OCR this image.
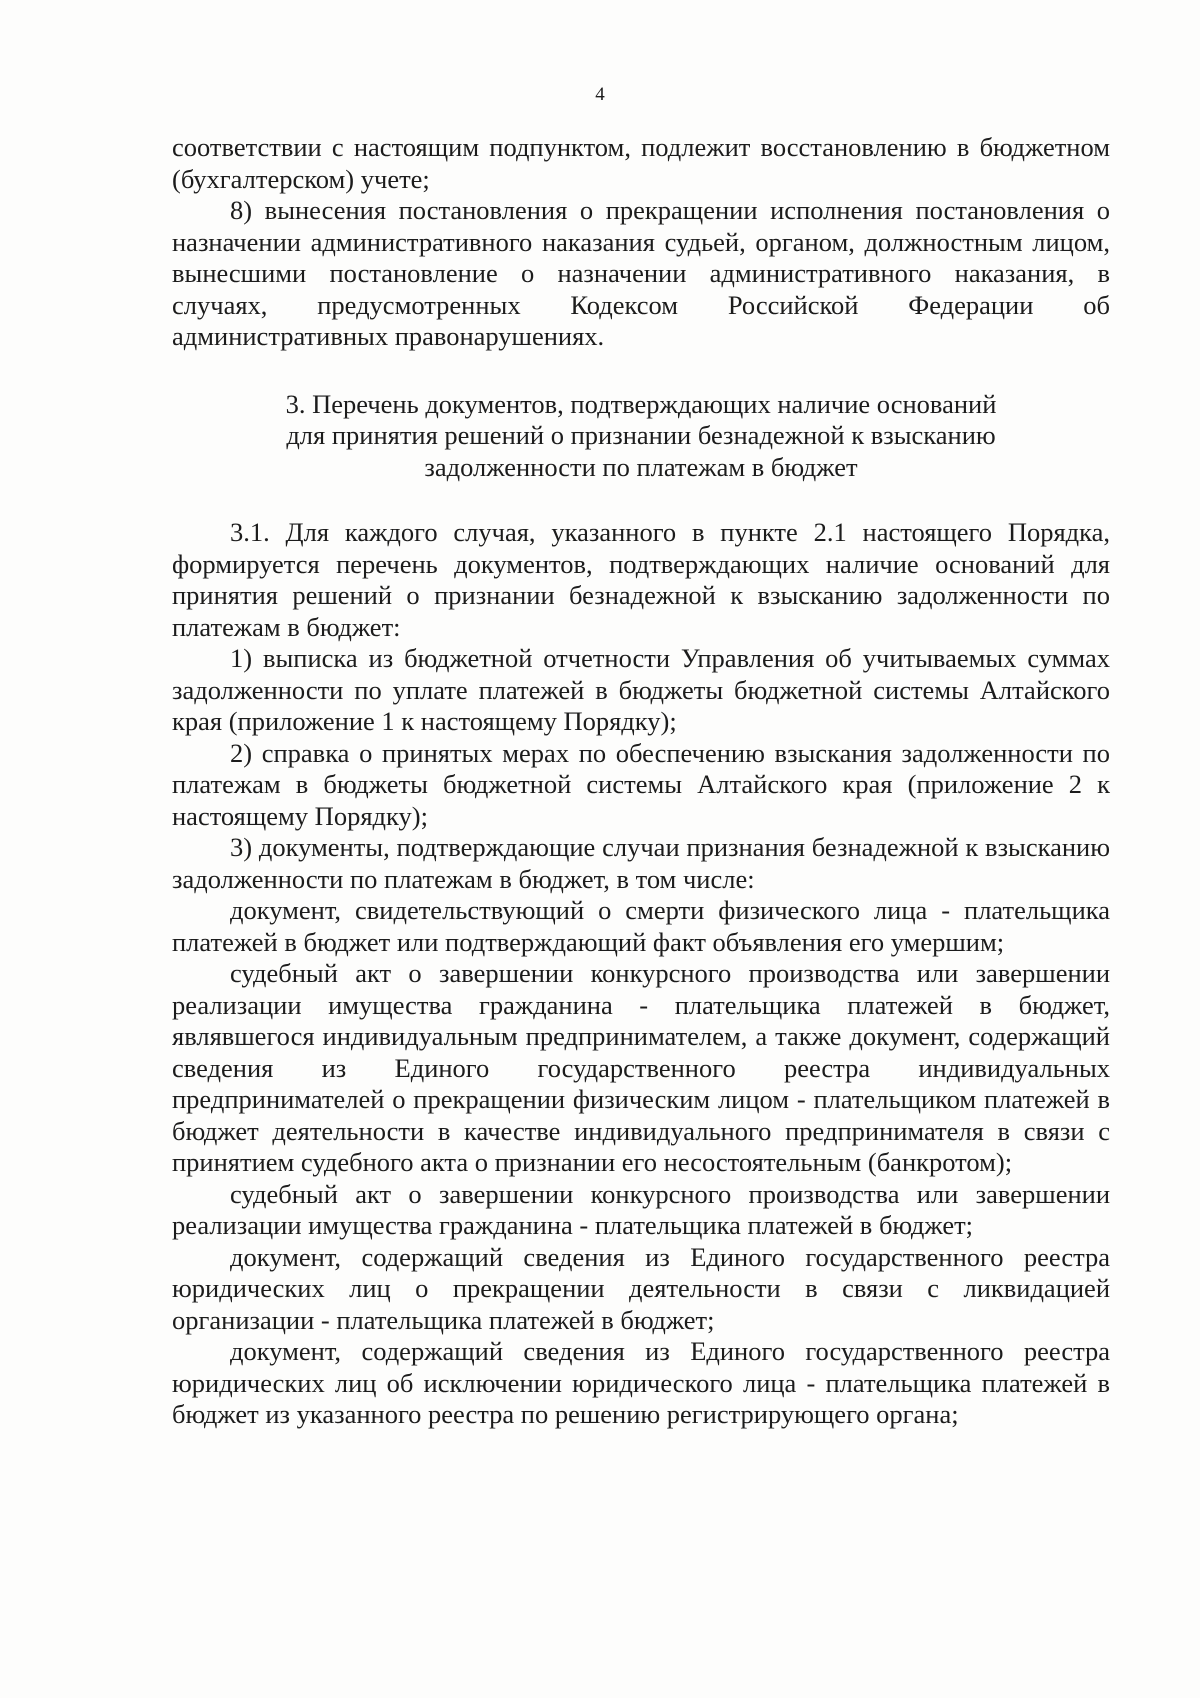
4

соответствии с настоящим подпунктом, подлежит восстановлению в бюджетном (бухгалтерском) учете;

8) вынесения постановления о прекращении исполнения постановления о назначении административного наказания судьей, органом, должностным лицом, вынесшими постановление о назначении административного наказания, в случаях, предусмотренных Кодексом Российской Федерации об административных правонарушениях.

3. Перечень документов, подтверждающих наличие оснований
для принятия решений о признании безнадежной к взысканию
задолженности по платежам в бюджет

3.1. Для каждого случая, указанного в пункте 2.1 настоящего Порядка, формируется перечень документов, подтверждающих наличие оснований для принятия решений о признании безнадежной к взысканию задолженности по платежам в бюджет:

1) выписка из бюджетной отчетности Управления об учитываемых суммах задолженности по уплате платежей в бюджеты бюджетной системы Алтайского края (приложение 1 к настоящему Порядку);

2) справка о принятых мерах по обеспечению взыскания задолженности по платежам в бюджеты бюджетной системы Алтайского края (приложение 2 к настоящему Порядку);

3) документы, подтверждающие случаи признания безнадежной к взысканию задолженности по платежам в бюджет, в том числе:

документ, свидетельствующий о смерти физического лица - плательщика платежей в бюджет или подтверждающий факт объявления его умершим;

судебный акт о завершении конкурсного производства или завершении реализации имущества гражданина - плательщика платежей в бюджет, являвшегося индивидуальным предпринимателем, а также документ, содержащий сведения из Единого государственного реестра индивидуальных предпринимателей о прекращении физическим лицом - плательщиком платежей в бюджет деятельности в качестве индивидуального предпринимателя в связи с принятием судебного акта о признании его несостоятельным (банкротом);

судебный акт о завершении конкурсного производства или завершении реализации имущества гражданина - плательщика платежей в бюджет;

документ, содержащий сведения из Единого государственного реестра юридических лиц о прекращении деятельности в связи с ликвидацией организации - плательщика платежей в бюджет;

документ, содержащий сведения из Единого государственного реестра юридических лиц об исключении юридического лица - плательщика платежей в бюджет из указанного реестра по решению регистрирующего органа;
